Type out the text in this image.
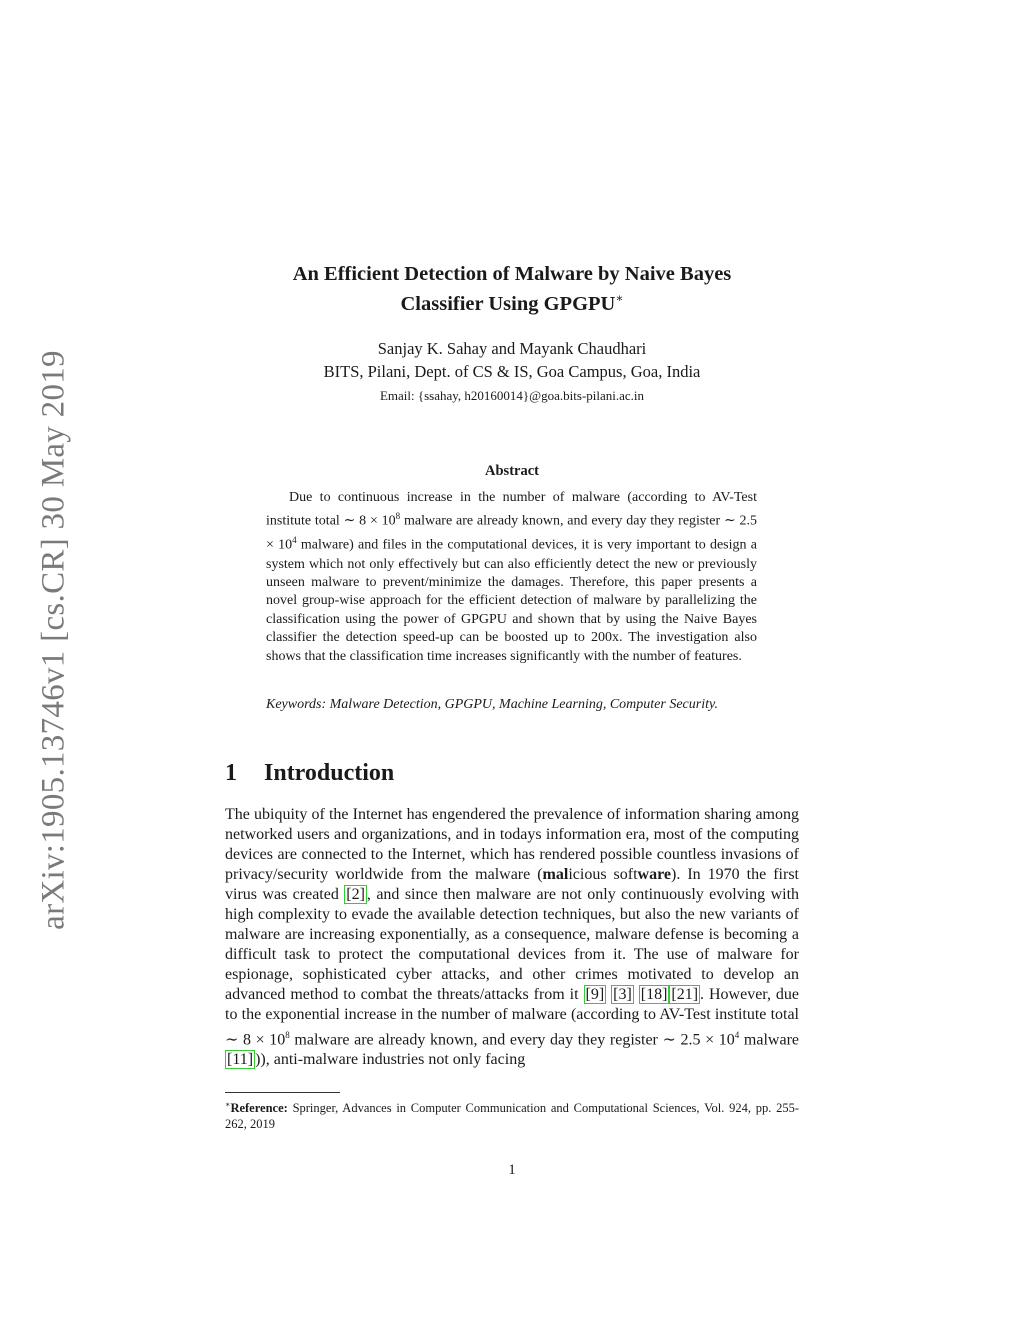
arXiv:1905.13746v1 [cs.CR] 30 May 2019
An Efficient Detection of Malware by Naive Bayes
Classifier Using GPGPU∗
Sanjay K. Sahay and Mayank Chaudhari
BITS, Pilani, Dept. of CS & IS, Goa Campus, Goa, India
Email: {ssahay, h20160014}@goa.bits-pilani.ac.in
Abstract
Due to continuous increase in the number of malware (according to AV-Test institute total ∼ $8 \times 10^8$ malware are already known, and every day they register ∼ $2.5 \times 10^4$ malware) and files in the computational devices, it is very important to design a system which not only effectively but can also efficiently detect the new or previously unseen malware to prevent/minimize the damages. Therefore, this paper presents a novel group-wise approach for the efficient detection of malware by parallelizing the classification using the power of GPGPU and shown that by using the Naive Bayes classifier the detection speed-up can be boosted up to 200x. The investigation also shows that the classification time increases significantly with the number of features.
Keywords: Malware Detection, GPGPU, Machine Learning, Computer Security.
1 Introduction
The ubiquity of the Internet has engendered the prevalence of information sharing among networked users and organizations, and in todays information era, most of the computing devices are connected to the Internet, which has rendered possible countless invasions of privacy/security worldwide from the malware (malicious software). In 1970 the first virus was created [2] , and since then malware are not only continuously evolving with high complexity to evade the available detection techniques, but also the new variants of malware are increasing exponentially, as a consequence, malware defense is becoming a difficult task to protect the computational devices from it. The use of malware for espionage, sophisticated cyber attacks, and other crimes motivated to develop an advanced method to combat the threats/attacks from it [9] [3] [18] [21] . However, due to the exponential increase in the number of malware (according to AV-Test institute total ∼ $8 \times 10^8$ malware are already known, and every day they register ∼ $2.5 \times 10^4$ malware [11] )), anti-malware industries not only facing
∗Reference: Springer, Advances in Computer Communication and Computational Sciences, Vol. 924, pp. 255-262, 2019
1
